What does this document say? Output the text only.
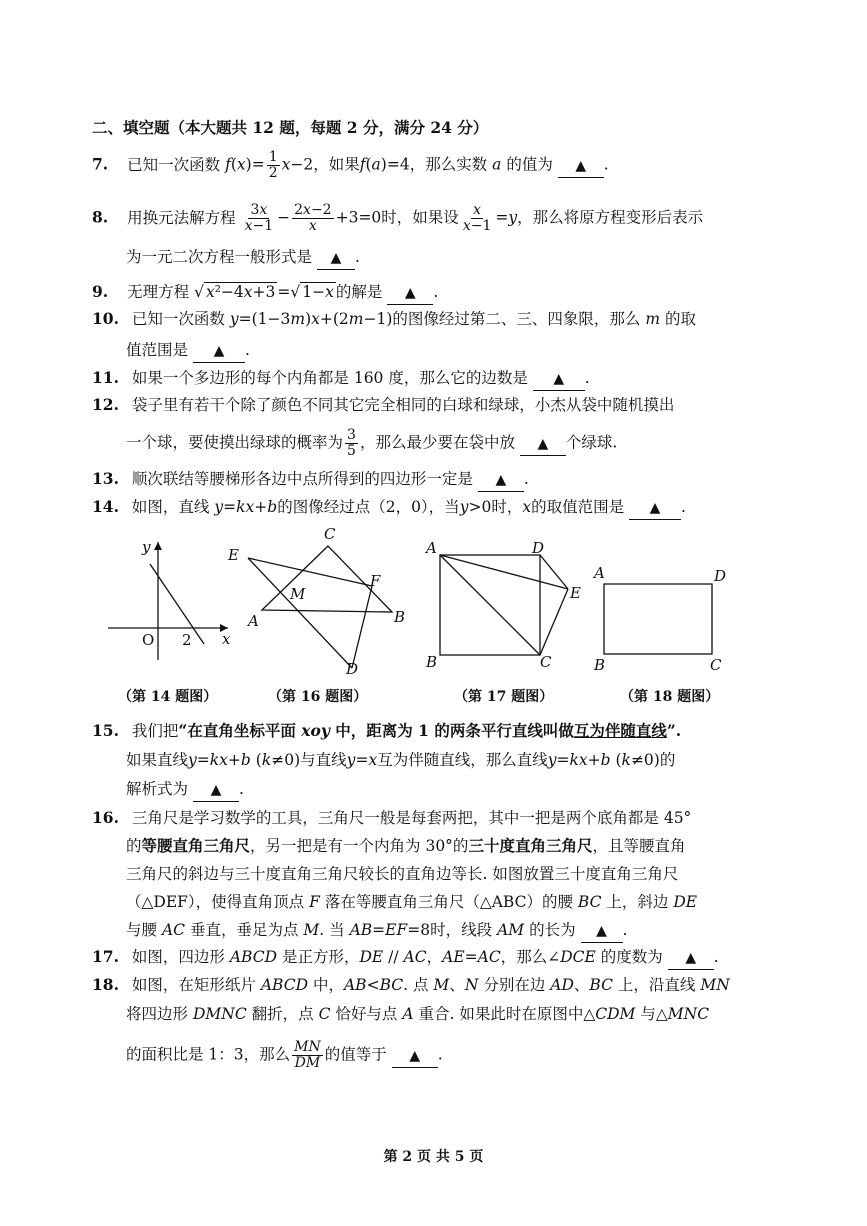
二、填空题（本大题共 12 题，每题 2 分，满分 24 分）
7. 已知一次函数 $f(x)= \frac{1}{2} x-2$，如果f(a)=4，那么实数 a 的值为 ▲ .
8. 用换元法解方程 $\frac{3x}{x-1} - \frac{2x-2}{x} +3=0$时，如果设 $\frac{x}{x-1} =y$，那么将原方程变形后表示
为一元二次方程一般形式是 ▲ .
9. 无理方程 √ x²−4x+3 =√ 1−x 的解是 ▲ .
10. 已知一次函数 y=(1−3m)x+(2m−1)的图像经过第二、三、四象限，那么 m 的取
值范围是 ▲ .
11. 如果一个多边形的每个内角都是 160 度，那么它的边数是 ▲ .
12. 袋子里有若干个除了颜色不同其它完全相同的白球和绿球，小杰从袋中随机摸出
一个球，要使摸出绿球的概率为 $\frac{3}{5}$ ，那么最少要在袋中放 ▲ 个绿球.
13. 顺次联结等腰梯形各边中点所得到的四边形一定是 ▲ .
14. 如图，直线 y=kx+b的图像经过点（2，0），当y>0时，x的取值范围是 ▲ .
y
x
O 2
C
E
M
F
A	B
D
A	D
E
B	C
A	D
B	C
（第 14 题图）	（第 16 题图）	（第 17 题图）	（第 18 题图）
15. 我们把“在直角坐标平面 xoy 中，距离为 1 的两条平行直线叫做互为伴随直线”.
如果直线y=kx+b (k≠0)与直线y=x互为伴随直线，那么直线y=kx+b (k≠0)的
解析式为 ▲ .
16. 三角尺是学习数学的工具，三角尺一般是每套两把，其中一把是两个底角都是 45°
的等腰直角三角尺，另一把是有一个内角为 30°的三十度直角三角尺，且等腰直角
三角尺的斜边与三十度直角三角尺较长的直角边等长. 如图放置三十度直角三角尺
（△DEF），使得直角顶点 F 落在等腰直角三角尺（△ABC）的腰 BC 上，斜边 DE
与腰 AC 垂直，垂足为点 M. 当 AB=EF=8时，线段 AM 的长为 ▲ .
17. 如图，四边形 ABCD 是正方形，DE // AC，AE=AC，那么∠DCE 的度数为 ▲ .
18. 如图，在矩形纸片 ABCD 中，AB<BC. 点 M、N 分别在边 AD、BC 上，沿直线 MN
将四边形 DMNC 翻折，点 C 恰好与点 A 重合. 如果此时在原图中△CDM 与△MNC
的面积比是 1：3，那么 $\frac{MN}{DM}$ 的值等于 ▲ .
第 2 页 共 5 页
